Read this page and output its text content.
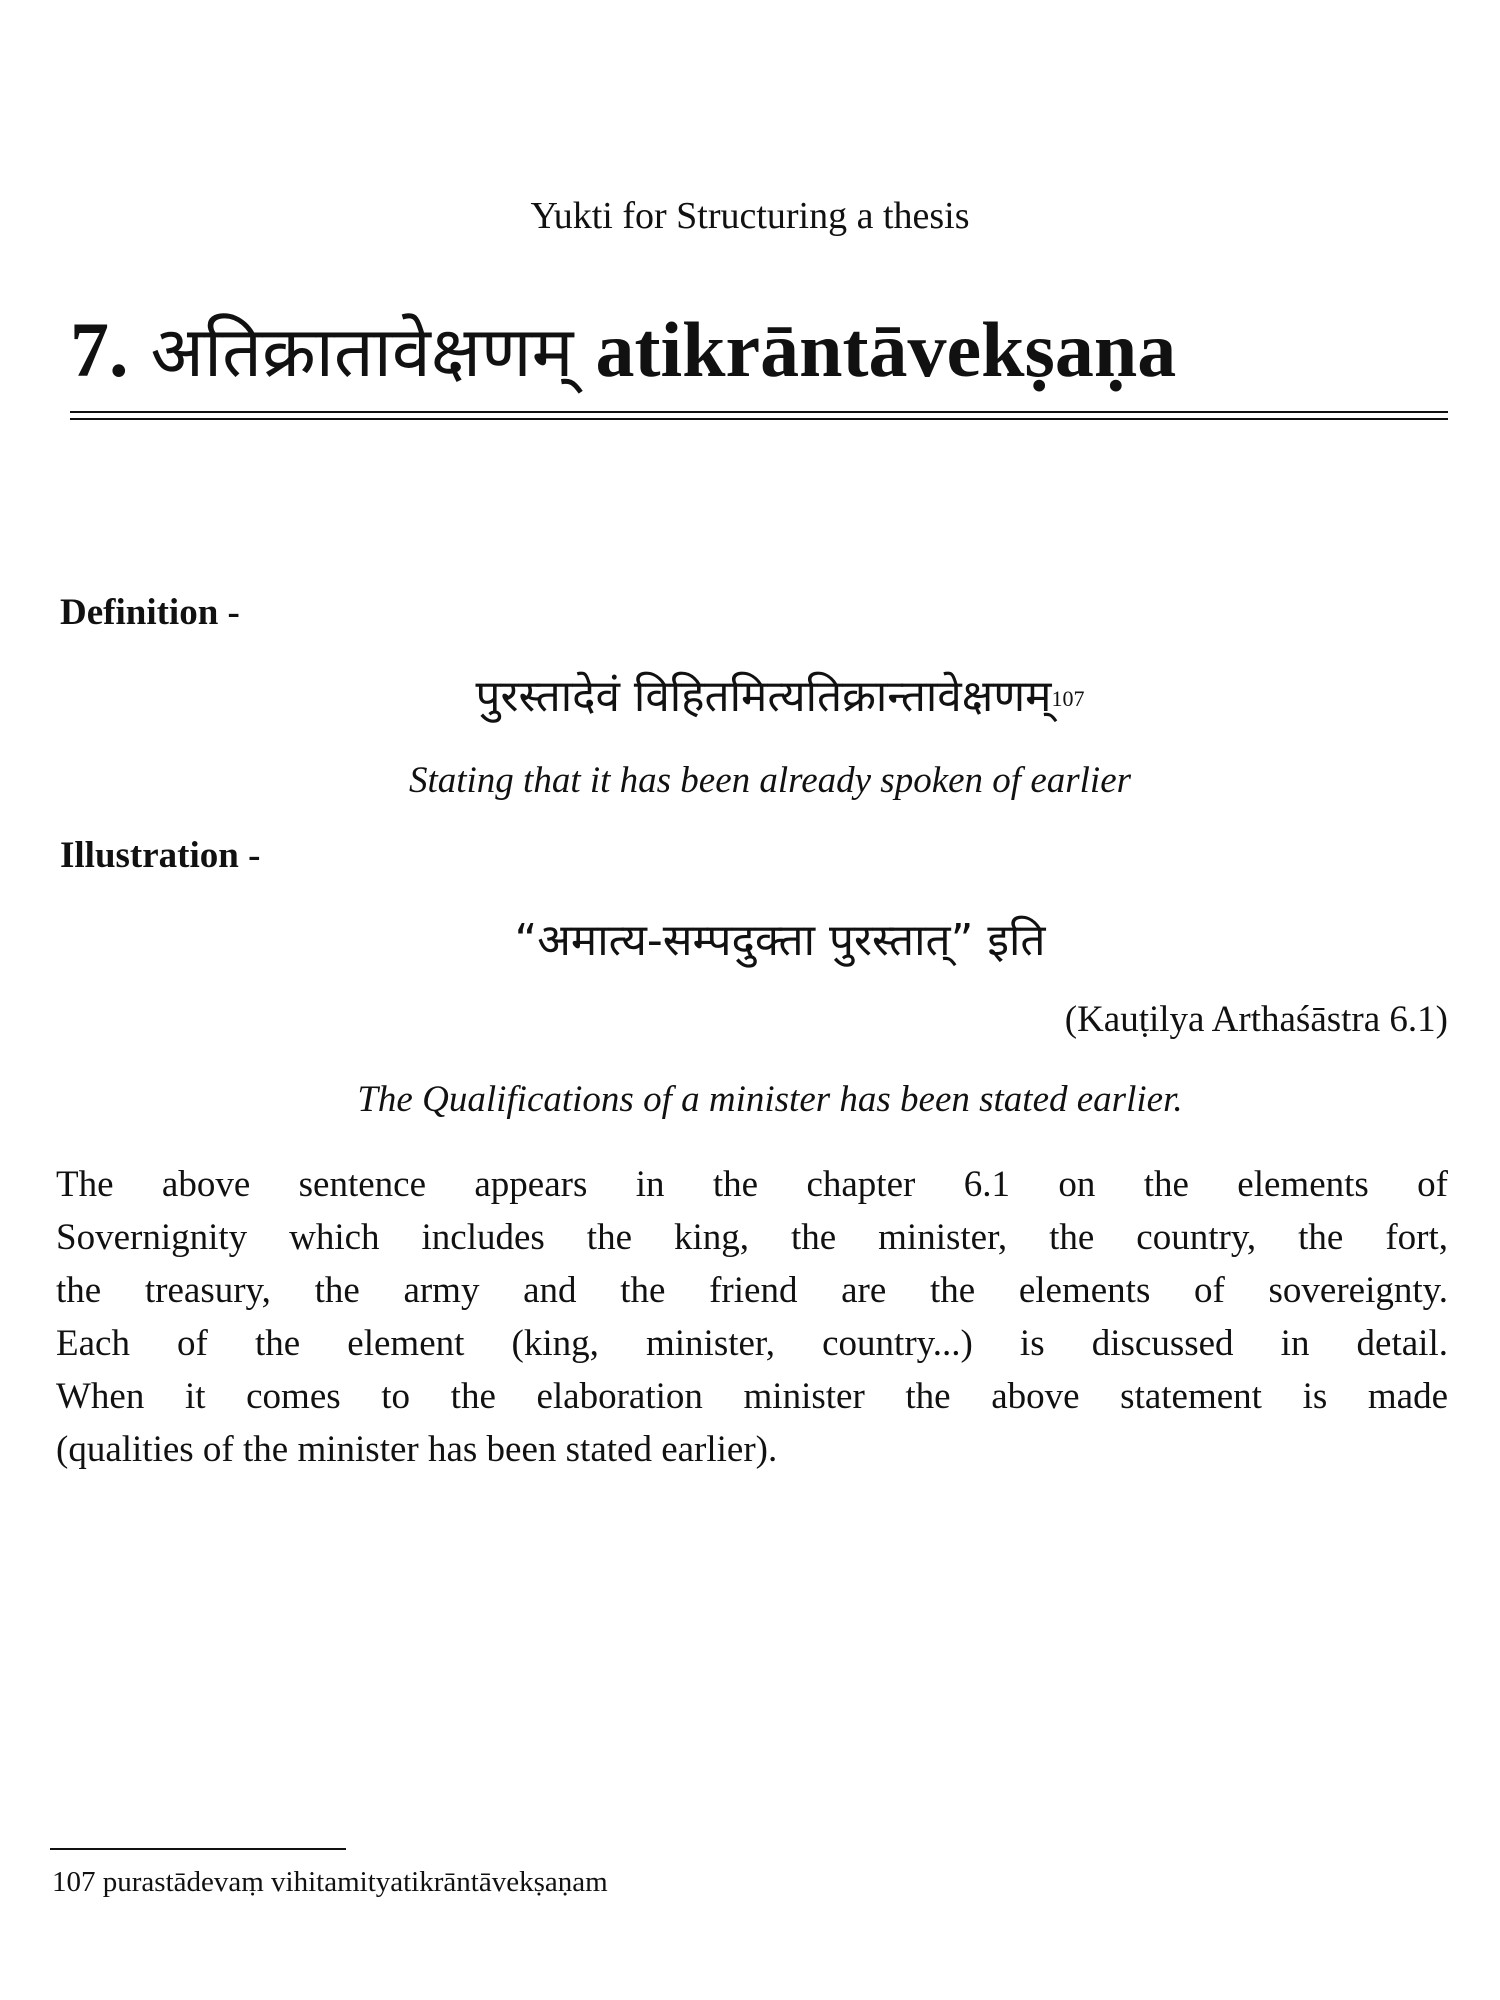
Yukti for Structuring a thesis
7. अतिक्रातावेक्षणम् atikrāntāvekṣaṇa
Definition -
पुरस्तादेवं विहितमित्यतिक्रान्तावेक्षणम्$^{107}$
Stating that it has been already spoken of earlier
Illustration -
“अमात्य-सम्पदुक्ता पुरस्तात्” इति
(Kauṭilya Arthaśāstra 6.1)
The Qualifications of a minister has been stated earlier.
The above sentence appears in the chapter 6.1 on the elements of
Sovernignity which includes the king, the minister, the country, the fort,
the treasury, the army and the friend are the elements of sovereignty.
Each of the element (king, minister, country...) is discussed in detail.
When it comes to the elaboration minister the above statement is made
(qualities of the minister has been stated earlier).
107 purastādevaṃ vihitamityatikrāntāvekṣaṇam
